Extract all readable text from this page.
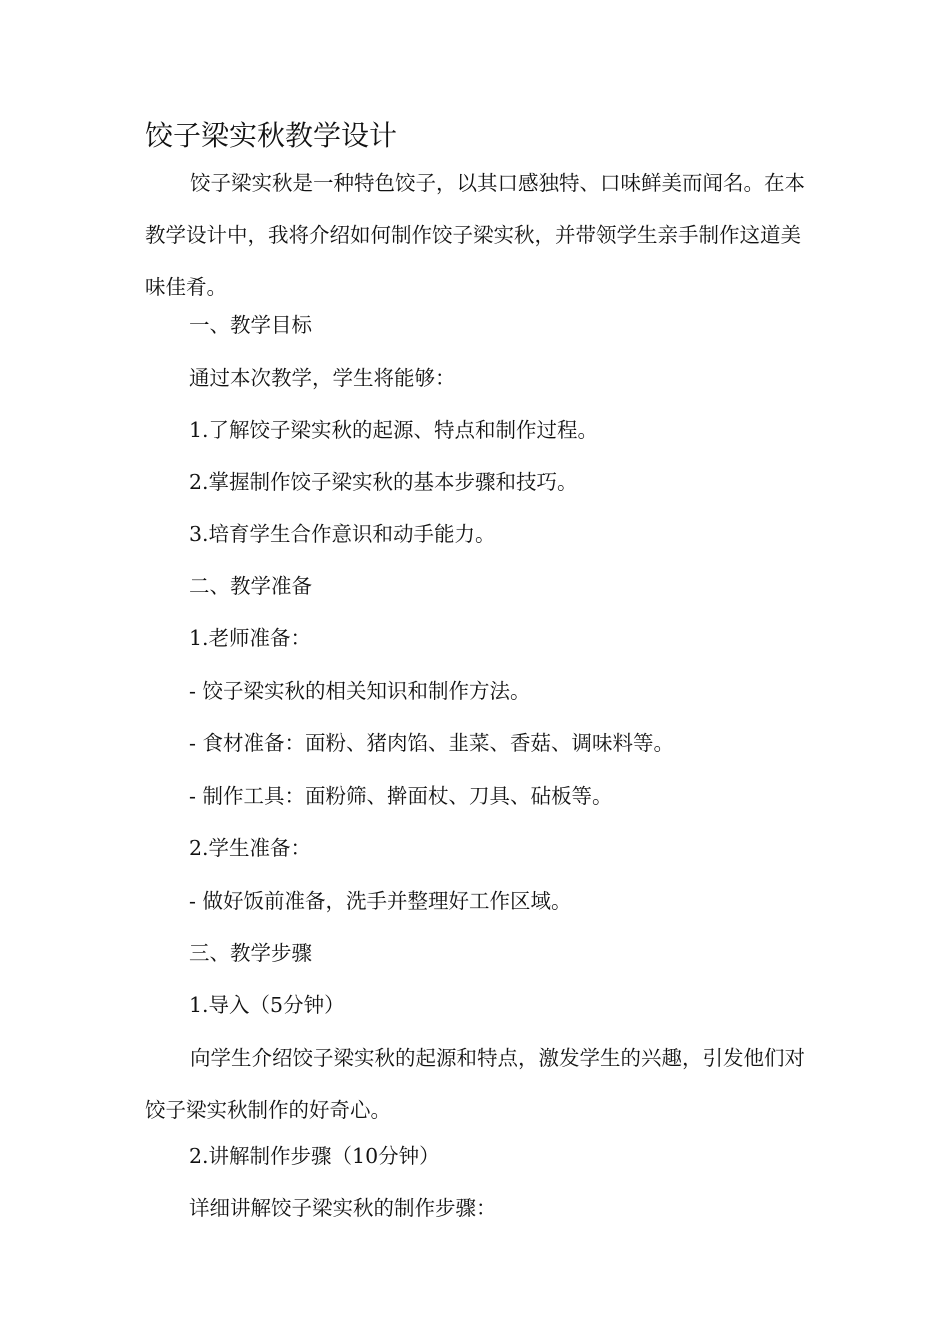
饺子梁实秋教学设计

饺子梁实秋是一种特色饺子，以其口感独特、口味鲜美而闻名。在本教学设计中，我将介绍如何制作饺子梁实秋，并带领学生亲手制作这道美味佳肴。

一、教学目标

通过本次教学，学生将能够：

1.了解饺子梁实秋的起源、特点和制作过程。

2.掌握制作饺子梁实秋的基本步骤和技巧。

3.培育学生合作意识和动手能力。

二、教学准备

1.老师准备：

- 饺子梁实秋的相关知识和制作方法。

- 食材准备：面粉、猪肉馅、韭菜、香菇、调味料等。

- 制作工具：面粉筛、擀面杖、刀具、砧板等。

2.学生准备：

- 做好饭前准备，洗手并整理好工作区域。

三、教学步骤

1.导入（5分钟）

向学生介绍饺子梁实秋的起源和特点，激发学生的兴趣，引发他们对饺子梁实秋制作的好奇心。

2.讲解制作步骤（10分钟）

详细讲解饺子梁实秋的制作步骤：
